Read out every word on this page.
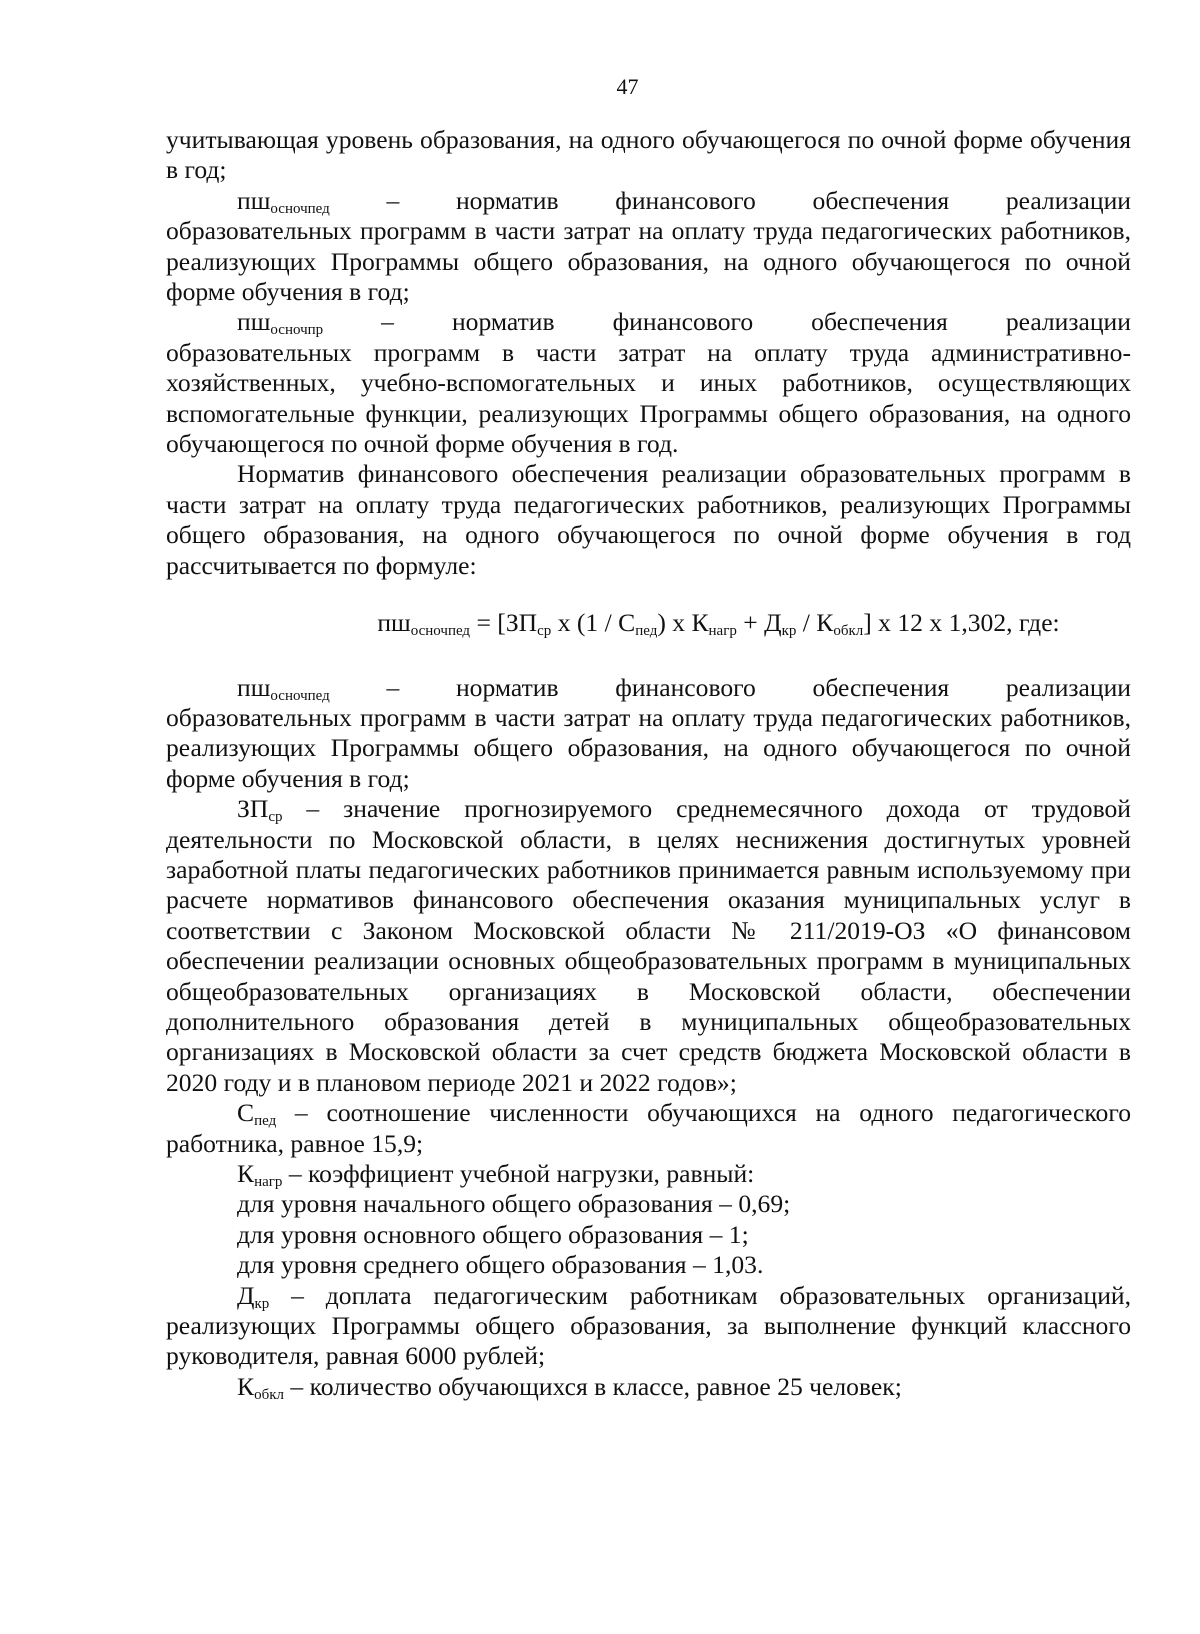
47

учитывающая уровень образования, на одного обучающегося по очной форме обучения в год;

$пш_{осночпед}$ – норматив финансового обеспечения реализации

образовательных программ в части затрат на оплату труда педагогических работников, реализующих Программы общего образования, на одного обучающегося по очной форме обучения в год;

$пш_{осночпр}$ – норматив финансового обеспечения реализации

образовательных программ в части затрат на оплату труда административно-хозяйственных, учебно-вспомогательных и иных работников, осуществляющих вспомогательные функции, реализующих Программы общего образования, на одного обучающегося по очной форме обучения в год.

Норматив финансового обеспечения реализации образовательных программ в части затрат на оплату труда педагогических работников, реализующих Программы общего образования, на одного обучающегося по очной форме обучения в год рассчитывается по формуле:

$пш_{осночпед} = [ЗП_{ср}$ х $(1 / С_{пед})$ х $К_{нагр} + Д_{кр} / К_{обкл}$] х 12 х 1,302, где:
$пш_{осночпед}$ – норматив финансового обеспечения реализации

образовательных программ в части затрат на оплату труда педагогических работников, реализующих Программы общего образования, на одного обучающегося по очной форме обучения в год;

$ЗП_{ср}$ – значение прогнозируемого среднемесячного дохода от трудовой деятельности по Московской области, в целях неснижения достигнутых уровней заработной платы педагогических работников принимается равным используемому при расчете нормативов финансового обеспечения оказания муниципальных услуг в соответствии с Законом Московской области № 211/2019-ОЗ «О финансовом обеспечении реализации основных общеобразовательных программ в муниципальных общеобразовательных организациях в Московской области, обеспечении дополнительного образования детей в муниципальных общеобразовательных организациях в Московской области за счет средств бюджета Московской области в 2020 году и в плановом периоде 2021 и 2022 годов»;

$С_{пед}$ – соотношение численности обучающихся на одного педагогического работника, равное 15,9;

$К_{нагр}$ – коэффициент учебной нагрузки, равный:

для уровня начального общего образования – 0,69;

для уровня основного общего образования – 1;

для уровня среднего общего образования – 1,03.

$Д_{кр}$ – доплата педагогическим работникам образовательных организаций, реализующих Программы общего образования, за выполнение функций классного руководителя, равная 6000 рублей;

$К_{обкл}$ – количество обучающихся в классе, равное 25 человек;
